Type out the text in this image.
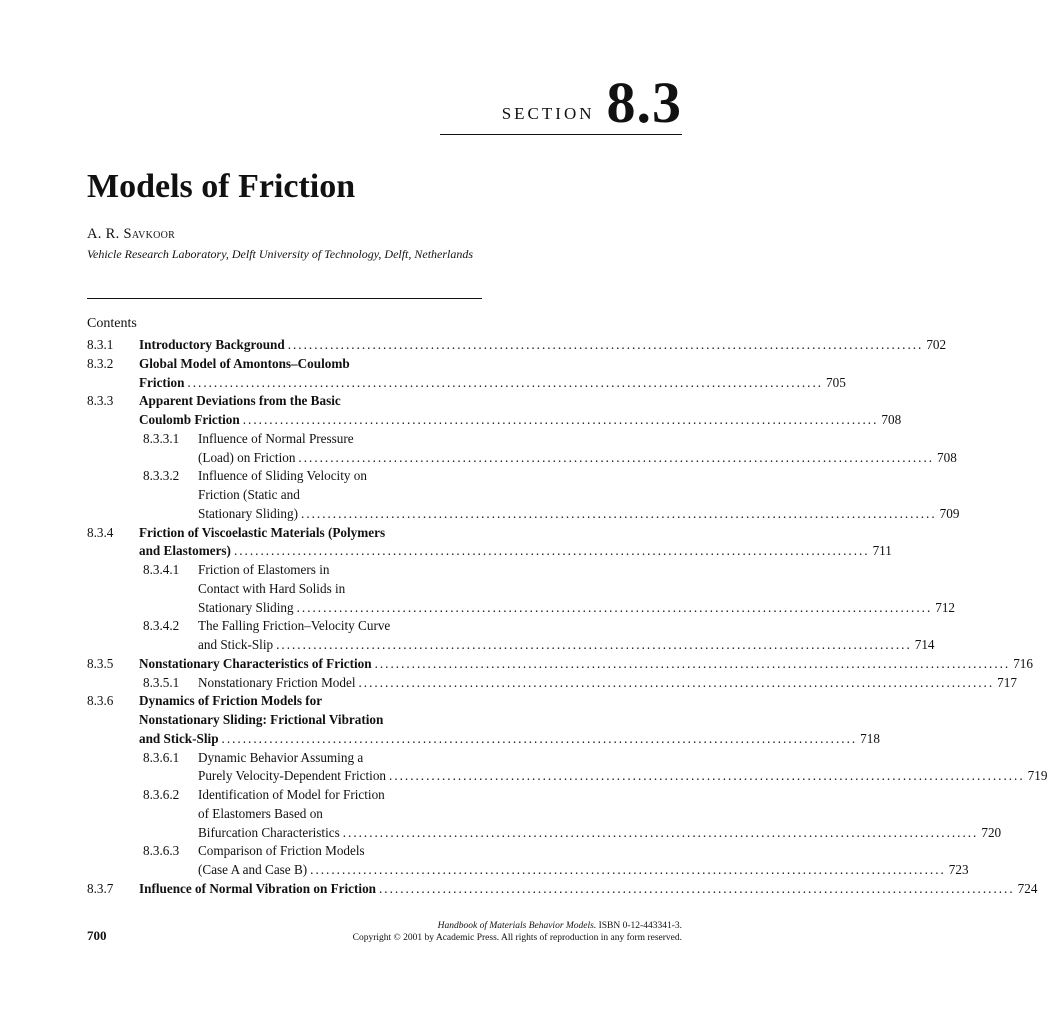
SECTION 8.3
Models of Friction
A. R. Savkoor
Vehicle Research Laboratory, Delft University of Technology, Delft, Netherlands
Contents
8.3.1 Introductory Background ........................................................................................................................ 702
8.3.2 Global Model of Amontons–Coulomb
Friction ........................................................................................................................ 705
8.3.3 Apparent Deviations from the Basic
Coulomb Friction ........................................................................................................................ 708
8.3.3.1 Influence of Normal Pressure
(Load) on Friction ........................................................................................................................ 708
8.3.3.2 Influence of Sliding Velocity on
Friction (Static and
Stationary Sliding) ........................................................................................................................ 709
8.3.4 Friction of Viscoelastic Materials (Polymers
and Elastomers) ........................................................................................................................ 711
8.3.4.1 Friction of Elastomers in
Contact with Hard Solids in
Stationary Sliding ........................................................................................................................ 712
8.3.4.2 The Falling Friction–Velocity Curve
and Stick-Slip ........................................................................................................................ 714
8.3.5 Nonstationary Characteristics of Friction ........................................................................................................................ 716
8.3.5.1 Nonstationary Friction Model ........................................................................................................................ 717
8.3.6 Dynamics of Friction Models for
Nonstationary Sliding: Frictional Vibration
and Stick-Slip ........................................................................................................................ 718
8.3.6.1 Dynamic Behavior Assuming a
Purely Velocity-Dependent Friction ........................................................................................................................ 719
8.3.6.2 Identification of Model for Friction
of Elastomers Based on
Bifurcation Characteristics ........................................................................................................................ 720
8.3.6.3 Comparison of Friction Models
(Case A and Case B) ........................................................................................................................ 723
8.3.7 Influence of Normal Vibration on Friction ........................................................................................................................ 724
700
Handbook of Materials Behavior Models. ISBN 0-12-443341-3.
Copyright © 2001 by Academic Press. All rights of reproduction in any form reserved.
